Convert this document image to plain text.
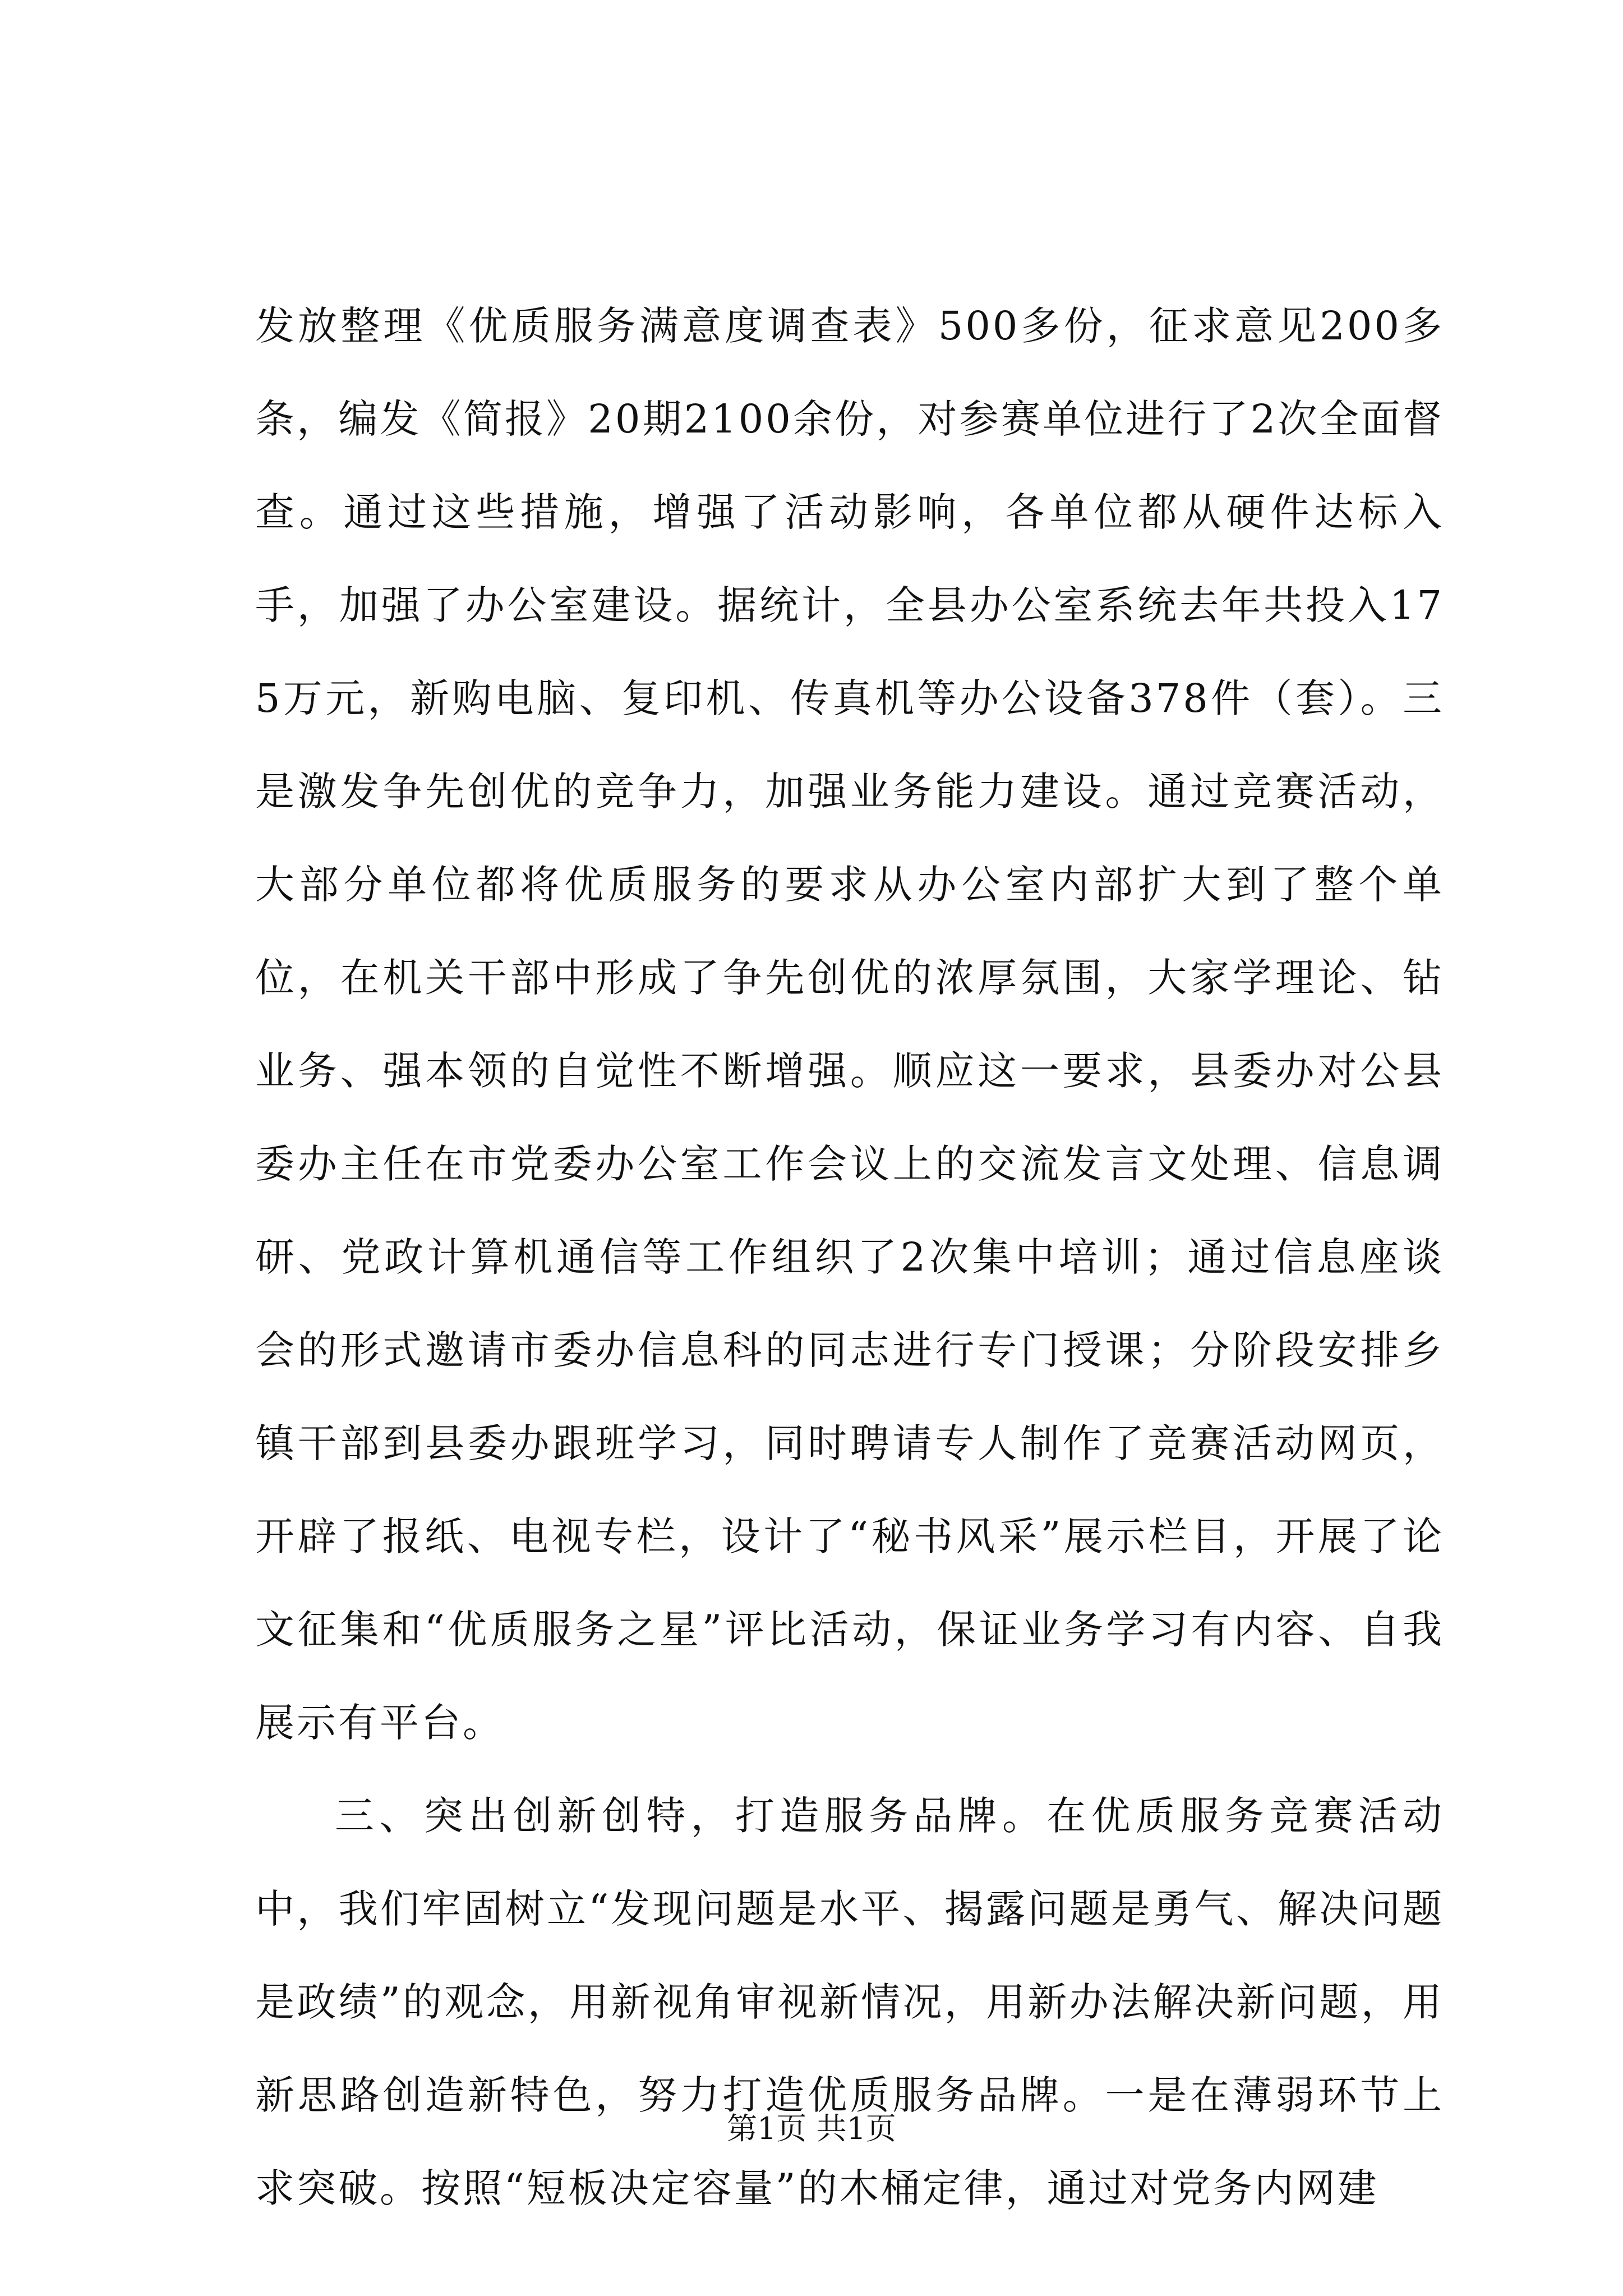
发放整理《优质服务满意度调查表》500多份，征求意见200多条，编发《简报》20期2100余份，对参赛单位进行了2次全面督查。通过这些措施，增强了活动影响，各单位都从硬件达标入手，加强了办公室建设。据统计，全县办公室系统去年共投入175万元，新购电脑、复印机、传真机等办公设备378件（套）。三是激发争先创优的竞争力，加强业务能力建设。通过竞赛活动，大部分单位都将优质服务的要求从办公室内部扩大到了整个单位，在机关干部中形成了争先创优的浓厚氛围，大家学理论、钻业务、强本领的自觉性不断增强。顺应这一要求，县委办对公县委办主任在市党委办公室工作会议上的交流发言文处理、信息调研、党政计算机通信等工作组织了2次集中培训；通过信息座谈会的形式邀请市委办信息科的同志进行专门授课；分阶段安排乡镇干部到县委办跟班学习，同时聘请专人制作了竞赛活动网页，开辟了报纸、电视专栏，设计了“秘书风采”展示栏目，开展了论文征集和“优质服务之星”评比活动，保证业务学习有内容、自我展示有平台。

三、突出创新创特，打造服务品牌。在优质服务竞赛活动中，我们牢固树立“发现问题是水平、揭露问题是勇气、解决问题是政绩”的观念，用新视角审视新情况，用新办法解决新问题，用新思路创造新特色，努力打造优质服务品牌。一是在薄弱环节上求突破。按照“短板决定容量”的木桶定律，通过对党务内网建

第1页 共1页
